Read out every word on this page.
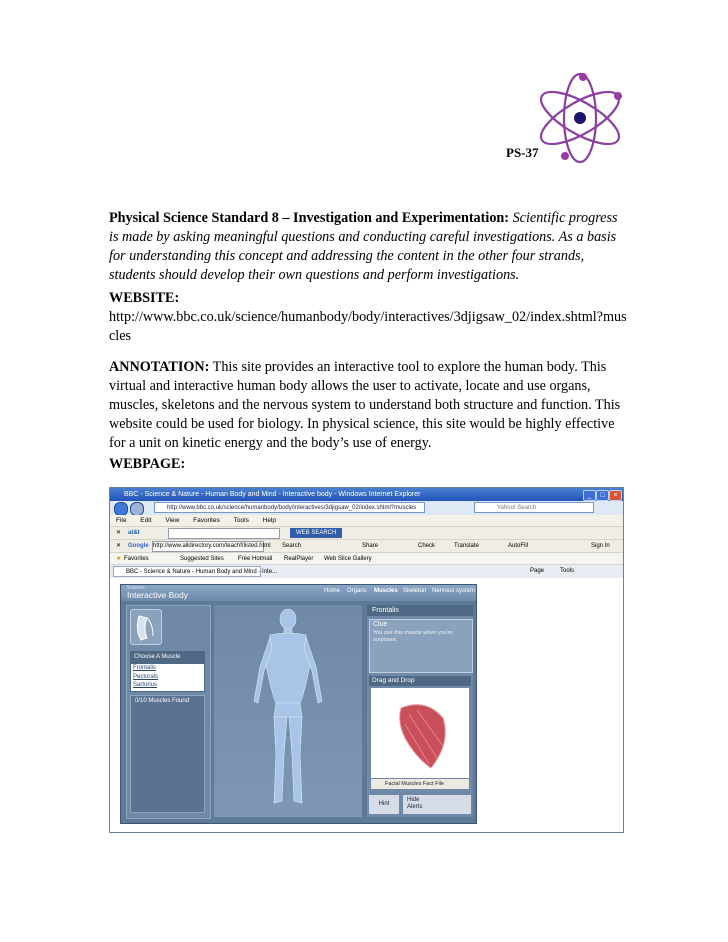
PS-37
Physical Science Standard 8 – Investigation and Experimentation: Scientific progress is made by asking meaningful questions and conducting careful investigations. As a basis for understanding this concept and addressing the content in the other four strands, students should develop their own questions and perform investigations.
WEBSITE:
http://www.bbc.co.uk/science/humanbody/body/interactives/3djigsaw_02/index.shtml?muscles
ANNOTATION: This site provides an interactive tool to explore the human body. This virtual and interactive human body allows the user to activate, locate and use organs, muscles, skeletons and the nervous system to understand both structure and function. This website could be used for biology. In physical science, this site would be highly effective for a unit on kinetic energy and the body’s use of energy.
WEBPAGE:
BBC - Science & Nature - Human Body and Mind - Interactive body - Windows Internet Explorer	_	□	×
http://www.bbc.co.uk/science/humanbody/body/interactives/3djigsaw_02/index.shtml?muscles	Yahoo! Search
File Edit View Favorites Tools Help
✕ at&t	WEB SEARCH
✕ Google http://www.alldirectory.com/teachf/listed.html Search	Share	Check	Translate	AutoFill	Sign In
★ Favorites	Suggested Sites Free Hotmail RealPlayer Web Slice Gallery
BBC - Science & Nature - Human Body and Mind - Inte...	Page	Tools
Science
Interactive Body	Home Organs Muscles Skeleton Nervous system
Choose A Muscle
Frontalis
Pectorals
Sartorius
0/10 Muscles Found
Frontalis
Clue
You use this muscle when you're surprised.
Drag and Drop
Facial Muscles Fact File
Hint
Hide
Alerts
